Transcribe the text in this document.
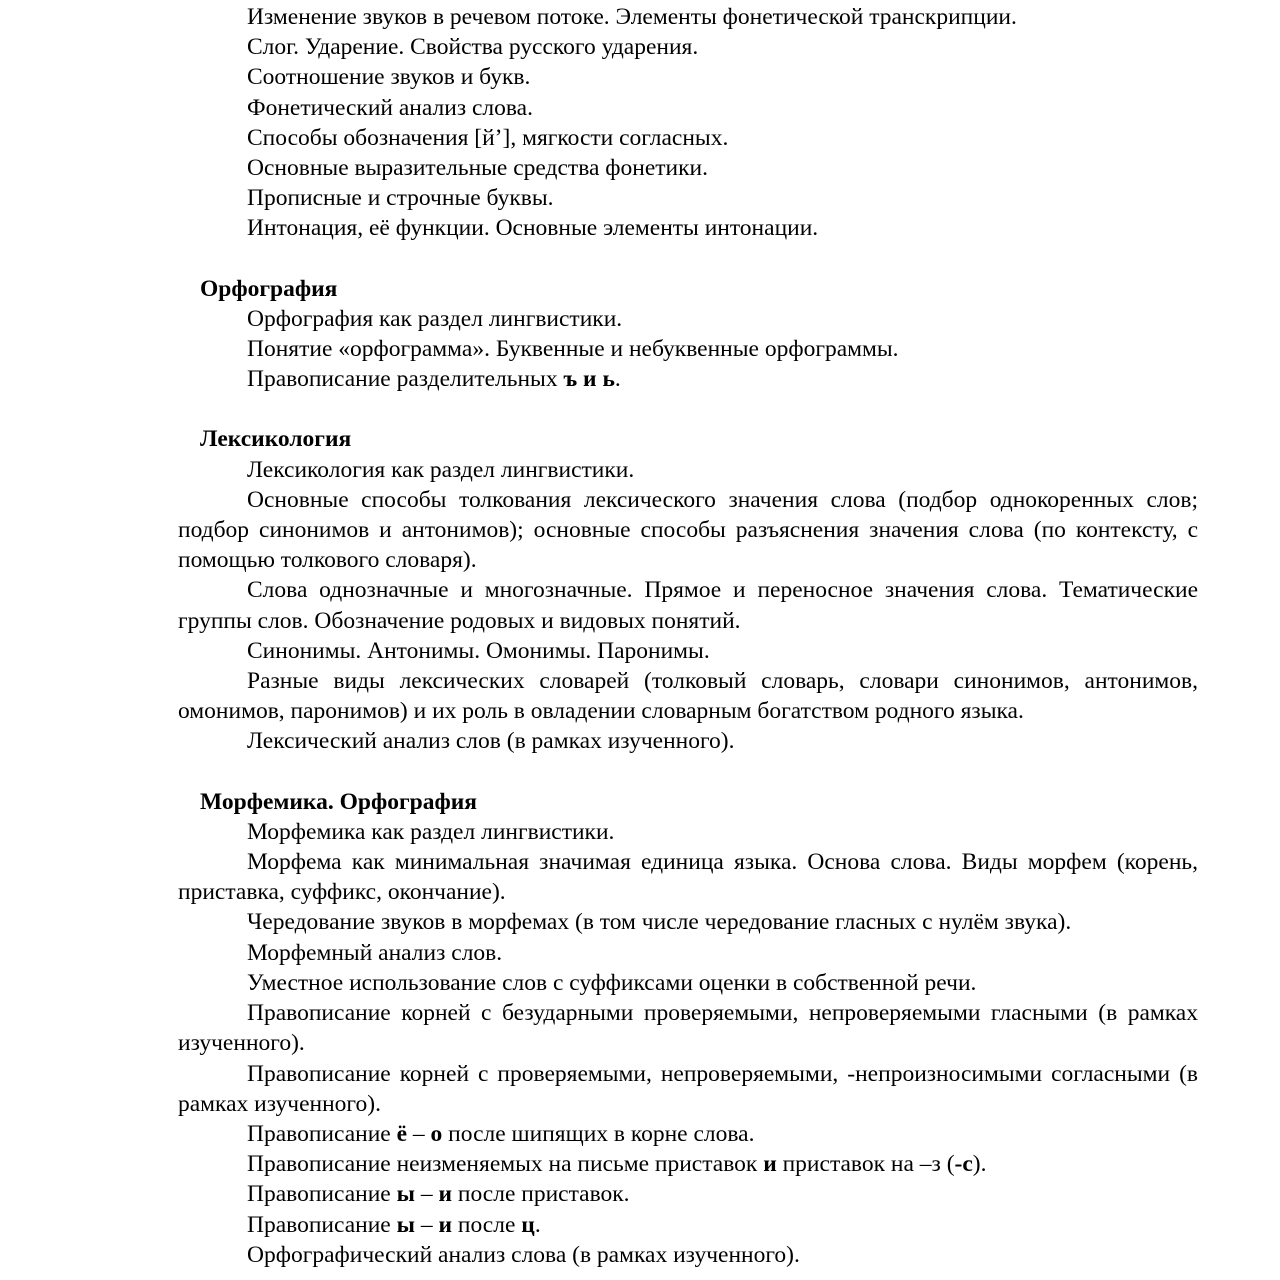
Изменение звуков в речевом потоке. Элементы фонетической транскрипции.

Слог. Ударение. Свойства русского ударения.

Соотношение звуков и букв.

Фонетический анализ слова.

Способы обозначения [й’], мягкости согласных.

Основные выразительные средства фонетики.

Прописные и строчные буквы.

Интонация, её функции. Основные элементы интонации.

Орфография

Орфография как раздел лингвистики.

Понятие «орфограмма». Буквенные и небуквенные орфограммы.

Правописание разделительных ъ и ь.

Лексикология

Лексикология как раздел лингвистики.

Основные способы толкования лексического значения слова (подбор однокоренных слов; подбор синонимов и антонимов); основные способы разъяснения значения слова (по контексту, с помощью толкового словаря).

Слова однозначные и многозначные. Прямое и переносное значения слова. Тематические группы слов. Обозначение родовых и видовых понятий.

Синонимы. Антонимы. Омонимы. Паронимы.

Разные виды лексических словарей (толковый словарь, словари синонимов, антонимов, омонимов, паронимов) и их роль в овладении словарным богатством родного языка.

Лексический анализ слов (в рамках изученного).

Морфемика. Орфография

Морфемика как раздел лингвистики.

Морфема как минимальная значимая единица языка. Основа слова. Виды морфем (корень, приставка, суффикс, окончание).

Чередование звуков в морфемах (в том числе чередование гласных с нулём звука).

Морфемный анализ слов.

Уместное использование слов с суффиксами оценки в собственной речи.

Правописание корней с безударными проверяемыми, непроверяемыми гласными (в рамках изученного).

Правописание корней с проверяемыми, непроверяемыми, -непроизносимыми согласными (в рамках изученного).

Правописание ё – о после шипящих в корне слова.

Правописание неизменяемых на письме приставок и приставок на –з (-с).

Правописание ы – и после приставок.

Правописание ы – и после ц.

Орфографический анализ слова (в рамках изученного).
